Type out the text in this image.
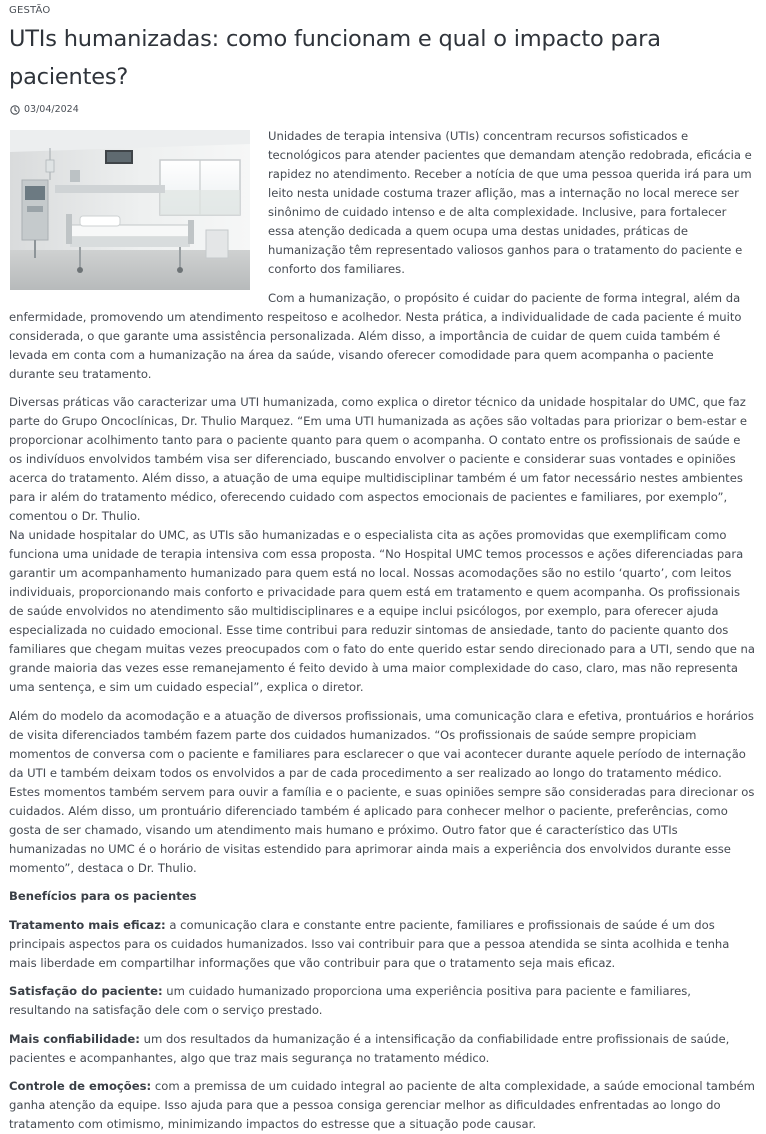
GESTÃO
UTIs humanizadas: como funcionam e qual o impacto para pacientes?
03/04/2024

Unidades de terapia intensiva (UTIs) concentram recursos sofisticados e tecnológicos para atender pacientes que demandam atenção redobrada, eficácia e rapidez no atendimento. Receber a notícia de que uma pessoa querida irá para um leito nesta unidade costuma trazer aflição, mas a internação no local merece ser sinônimo de cuidado intenso e de alta complexidade. Inclusive, para fortalecer essa atenção dedicada a quem ocupa uma destas unidades, práticas de humanização têm representado valiosos ganhos para o tratamento do paciente e conforto dos familiares.

Com a humanização, o propósito é cuidar do paciente de forma integral, além da enfermidade, promovendo um atendimento respeitoso e acolhedor. Nesta prática, a individualidade de cada paciente é muito considerada, o que garante uma assistência personalizada. Além disso, a importância de cuidar de quem cuida também é levada em conta com a humanização na área da saúde, visando oferecer comodidade para quem acompanha o paciente durante seu tratamento.

Diversas práticas vão caracterizar uma UTI humanizada, como explica o diretor técnico da unidade hospitalar do UMC, que faz parte do Grupo Oncoclínicas, Dr. Thulio Marquez. “Em uma UTI humanizada as ações são voltadas para priorizar o bem-estar e proporcionar acolhimento tanto para o paciente quanto para quem o acompanha. O contato entre os profissionais de saúde e os indivíduos envolvidos também visa ser diferenciado, buscando envolver o paciente e considerar suas vontades e opiniões acerca do tratamento. Além disso, a atuação de uma equipe multidisciplinar também é um fator necessário nestes ambientes para ir além do tratamento médico, oferecendo cuidado com aspectos emocionais de pacientes e familiares, por exemplo”, comentou o Dr. Thulio.

Na unidade hospitalar do UMC, as UTIs são humanizadas e o especialista cita as ações promovidas que exemplificam como funciona uma unidade de terapia intensiva com essa proposta. “No Hospital UMC temos processos e ações diferenciadas para garantir um acompanhamento humanizado para quem está no local. Nossas acomodações são no estilo ‘quarto’, com leitos individuais, proporcionando mais conforto e privacidade para quem está em tratamento e quem acompanha. Os profissionais de saúde envolvidos no atendimento são multidisciplinares e a equipe inclui psicólogos, por exemplo, para oferecer ajuda especializada no cuidado emocional. Esse time contribui para reduzir sintomas de ansiedade, tanto do paciente quanto dos familiares que chegam muitas vezes preocupados com o fato do ente querido estar sendo direcionado para a UTI, sendo que na grande maioria das vezes esse remanejamento é feito devido à uma maior complexidade do caso, claro, mas não representa uma sentença, e sim um cuidado especial”, explica o diretor.

Além do modelo da acomodação e a atuação de diversos profissionais, uma comunicação clara e efetiva, prontuários e horários de visita diferenciados também fazem parte dos cuidados humanizados. “Os profissionais de saúde sempre propiciam momentos de conversa com o paciente e familiares para esclarecer o que vai acontecer durante aquele período de internação da UTI e também deixam todos os envolvidos a par de cada procedimento a ser realizado ao longo do tratamento médico. Estes momentos também servem para ouvir a família e o paciente, e suas opiniões sempre são consideradas para direcionar os cuidados. Além disso, um prontuário diferenciado também é aplicado para conhecer melhor o paciente, preferências, como gosta de ser chamado, visando um atendimento mais humano e próximo. Outro fator que é característico das UTIs humanizadas no UMC é o horário de visitas estendido para aprimorar ainda mais a experiência dos envolvidos durante esse momento”, destaca o Dr. Thulio.

Benefícios para os pacientes

Tratamento mais eficaz: a comunicação clara e constante entre paciente, familiares e profissionais de saúde é um dos principais aspectos para os cuidados humanizados. Isso vai contribuir para que a pessoa atendida se sinta acolhida e tenha mais liberdade em compartilhar informações que vão contribuir para que o tratamento seja mais eficaz.

Satisfação do paciente: um cuidado humanizado proporciona uma experiência positiva para paciente e familiares, resultando na satisfação dele com o serviço prestado.

Mais confiabilidade: um dos resultados da humanização é a intensificação da confiabilidade entre profissionais de saúde, pacientes e acompanhantes, algo que traz mais segurança no tratamento médico.

Controle de emoções: com a premissa de um cuidado integral ao paciente de alta complexidade, a saúde emocional também ganha atenção da equipe. Isso ajuda para que a pessoa consiga gerenciar melhor as dificuldades enfrentadas ao longo do tratamento com otimismo, minimizando impactos do estresse que a situação pode causar.
